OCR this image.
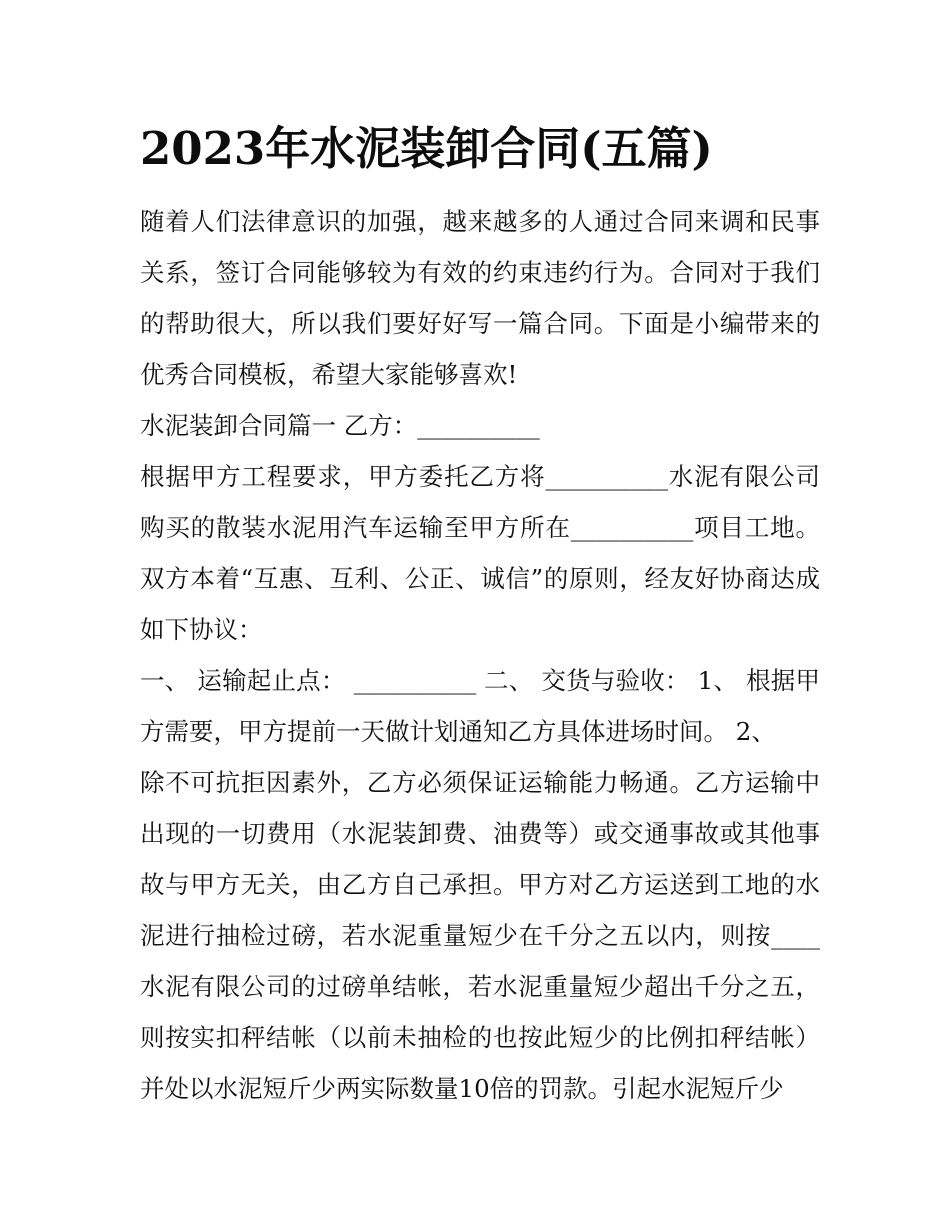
2023年水泥装卸合同(五篇)
随着人们法律意识的加强，越来越多的人通过合同来调和民事
关系，签订合同能够较为有效的约束违约行为。合同对于我们
的帮助很大，所以我们要好好写一篇合同。下面是小编带来的
优秀合同模板，希望大家能够喜欢!
水泥装卸合同篇一 乙方：__________
根据甲方工程要求，甲方委托乙方将__________水泥有限公司
购买的散装水泥用汽车运输至甲方所在__________项目工地。
双方本着“互惠、互利、公正、诚信”的原则，经友好协商达成
如下协议：
一、 运输起止点： __________ 二、 交货与验收： 1、 根据甲
方需要，甲方提前一天做计划通知乙方具体进场时间。 2、
除不可抗拒因素外，乙方必须保证运输能力畅通。乙方运输中
出现的一切费用（水泥装卸费、油费等）或交通事故或其他事
故与甲方无关，由乙方自己承担。甲方对乙方运送到工地的水
泥进行抽检过磅，若水泥重量短少在千分之五以内，则按____
水泥有限公司的过磅单结帐，若水泥重量短少超出千分之五，
则按实扣秤结帐（以前未抽检的也按此短少的比例扣秤结帐）
并处以水泥短斤少两实际数量10倍的罚款。引起水泥短斤少
